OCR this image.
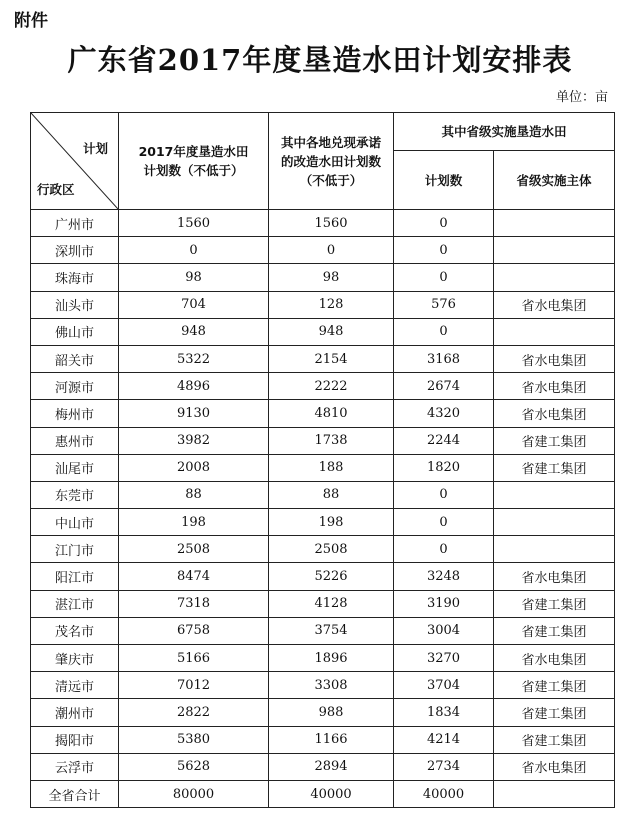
附件
广东省2017年度垦造水田计划安排表
单位：亩
计划
行政区	2017年度垦造水田计划数（不低于）	其中各地兑现承诺的改造水田计划数（不低于）	其中省级实施垦造水田	
			计划数	省级实施主体
广州市	1560	1560	0	
深圳市	0	0	0	
珠海市	98	98	0	
汕头市	704	128	576	省水电集团
佛山市	948	948	0	
韶关市	5322	2154	3168	省水电集团
河源市	4896	2222	2674	省水电集团
梅州市	9130	4810	4320	省水电集团
惠州市	3982	1738	2244	省建工集团
汕尾市	2008	188	1820	省建工集团
东莞市	88	88	0	
中山市	198	198	0	
江门市	2508	2508	0	
阳江市	8474	5226	3248	省水电集团
湛江市	7318	4128	3190	省建工集团
茂名市	6758	3754	3004	省建工集团
肇庆市	5166	1896	3270	省水电集团
清远市	7012	3308	3704	省建工集团
潮州市	2822	988	1834	省建工集团
揭阳市	5380	1166	4214	省建工集团
云浮市	5628	2894	2734	省水电集团
全省合计	80000	40000	40000	
